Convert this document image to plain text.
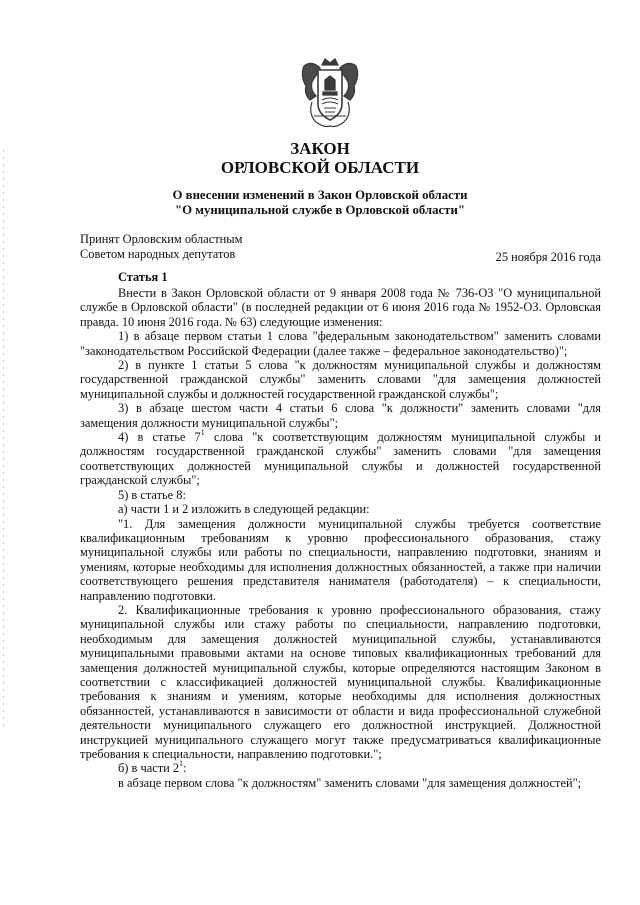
ЗАКОН
ОРЛОВСКОЙ ОБЛАСТИ
О внесении изменений в Закон Орловской области
"О муниципальной службе в Орловской области"
Принят Орловским областным
Советом народных депутатов	25 ноября 2016 года
Статья 1

Внести в Закон Орловской области от 9 января 2008 года № 736-ОЗ "О муниципальной службе в Орловской области" (в последней редакции от 6 июня 2016 года № 1952-ОЗ. Орловская правда. 10 июня 2016 года. № 63) следующие изменения:

1) в абзаце первом статьи 1 слова "федеральным законодательством" заменить словами "законодательством Российской Федерации (далее также – федеральное законодательство)";

2) в пункте 1 статьи 5 слова "к должностям муниципальной службы и должностям государственной гражданской службы" заменить словами "для замещения должностей муниципальной службы и должностей государственной гражданской службы";

3) в абзаце шестом части 4 статьи 6 слова "к должности" заменить словами "для замещения должности муниципальной службы";

4) в статье $7^1$ слова "к соответствующим должностям муниципальной службы и должностям государственной гражданской службы" заменить словами "для замещения соответствующих должностей муниципальной службы и должностей государственной гражданской службы";

5) в статье 8:

а) части 1 и 2 изложить в следующей редакции:

"1. Для замещения должности муниципальной службы требуется соответствие квалификационным требованиям к уровню профессионального образования, стажу муниципальной службы или работы по специальности, направлению подготовки, знаниям и умениям, которые необходимы для исполнения должностных обязанностей, а также при наличии соответствующего решения представителя нанимателя (работодателя) – к специальности, направлению подготовки.

2. Квалификационные требования к уровню профессионального образования, стажу муниципальной службы или стажу работы по специальности, направлению подготовки, необходимым для замещения должностей муниципальной службы, устанавливаются муниципальными правовыми актами на основе типовых квалификационных требований для замещения должностей муниципальной службы, которые определяются настоящим Законом в соответствии с классификацией должностей муниципальной службы. Квалификационные требования к знаниям и умениям, которые необходимы для исполнения должностных обязанностей, устанавливаются в зависимости от области и вида профессиональной служебной деятельности муниципального служащего его должностной инструкцией. Должностной инструкцией муниципального служащего могут также предусматриваться квалификационные требования к специальности, направлению подготовки.";

б) в части $2^1$:

в абзаце первом слова "к должностям" заменить словами "для замещения должностей";
